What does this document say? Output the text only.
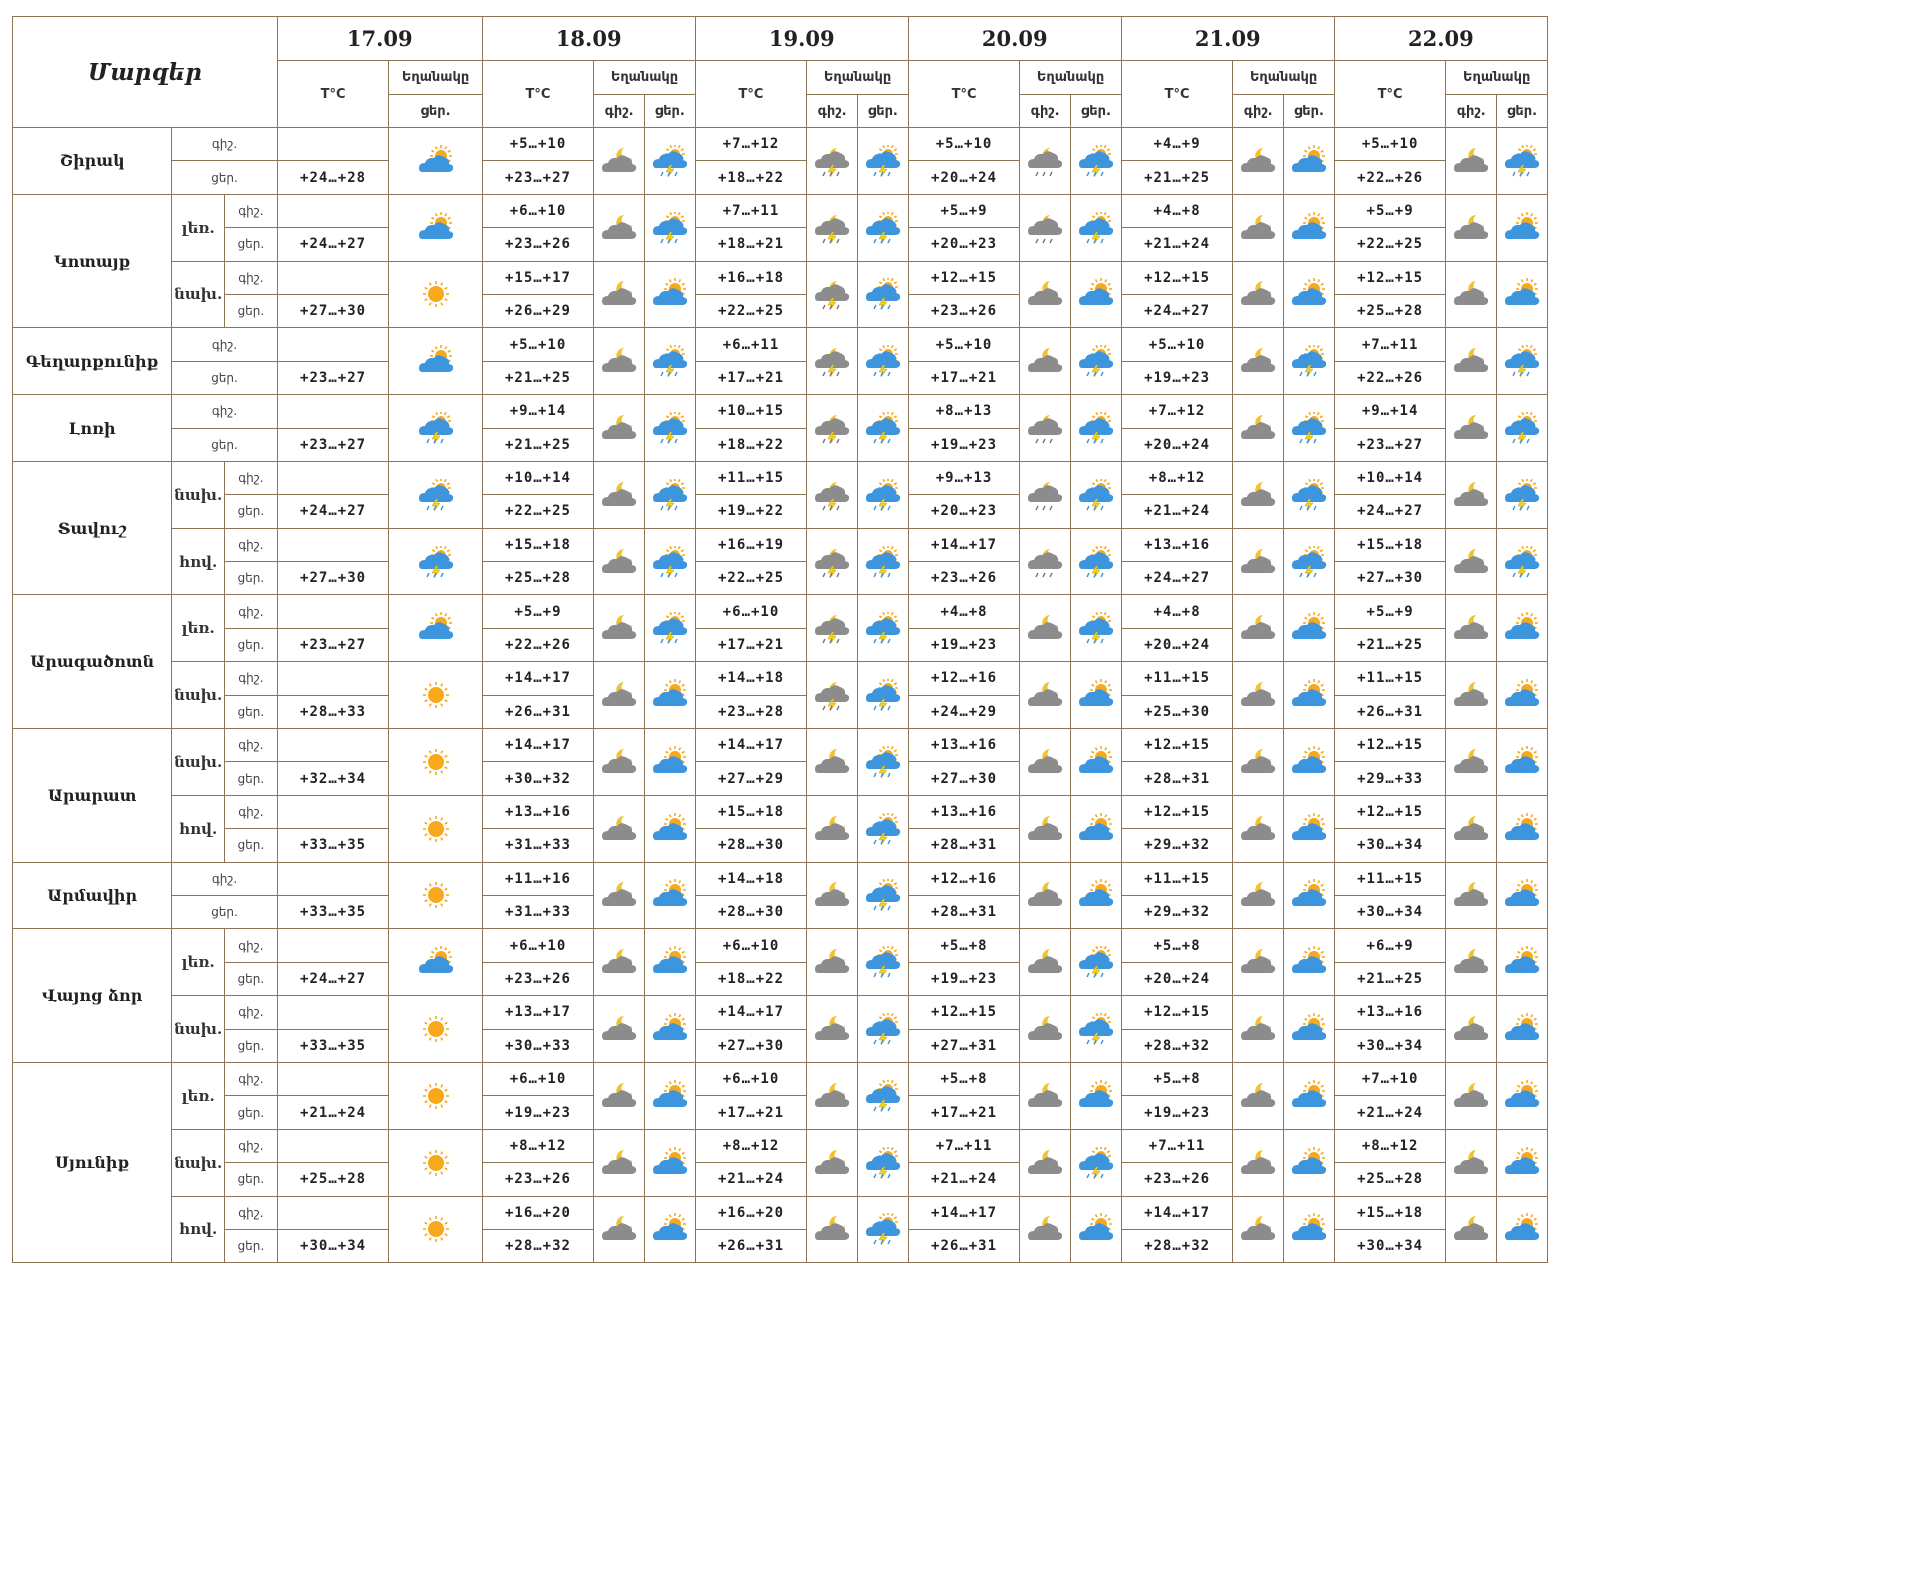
Մարզեր			17.09		18.09			19.09			20.09			21.09			22.09		
			T°C	Եղանակը	T°C	Եղանակը		T°C	Եղանակը		T°C	Եղանակը		T°C	Եղանակը		T°C	Եղանակը	
				ցեր.		գիշ.	ցեր.		գիշ.	ցեր.		գիշ.	ցեր.		գիշ.	ցեր.		գիշ.	ցեր.
Շիրակ	գիշ.				+5…+10			+7…+12			+5…+10			+4…+9			+5…+10		
	ցեր.		+24…+28		+23…+27			+18…+22			+20…+24			+21…+25			+22…+26		
Կոտայք	լեռ.	գիշ.			+6…+10			+7…+11			+5…+9			+4…+8			+5…+9		
		ցեր.	+24…+27		+23…+26			+18…+21			+20…+23			+21…+24			+22…+25		
	նախ.	գիշ.			+15…+17			+16…+18			+12…+15			+12…+15			+12…+15		
		ցեր.	+27…+30		+26…+29			+22…+25			+23…+26			+24…+27			+25…+28		
Գեղարքունիք	գիշ.				+5…+10			+6…+11			+5…+10			+5…+10			+7…+11		
	ցեր.		+23…+27		+21…+25			+17…+21			+17…+21			+19…+23			+22…+26		
Լոռի	գիշ.				+9…+14			+10…+15			+8…+13			+7…+12			+9…+14		
	ցեր.		+23…+27		+21…+25			+18…+22			+19…+23			+20…+24			+23…+27		
Տավուշ	նախ.	գիշ.			+10…+14			+11…+15			+9…+13			+8…+12			+10…+14		
		ցեր.	+24…+27		+22…+25			+19…+22			+20…+23			+21…+24			+24…+27		
	հով.	գիշ.			+15…+18			+16…+19			+14…+17			+13…+16			+15…+18		
		ցեր.	+27…+30		+25…+28			+22…+25			+23…+26			+24…+27			+27…+30		
Արագածոտն	լեռ.	գիշ.			+5…+9			+6…+10			+4…+8			+4…+8			+5…+9		
		ցեր.	+23…+27		+22…+26			+17…+21			+19…+23			+20…+24			+21…+25		
	նախ.	գիշ.			+14…+17			+14…+18			+12…+16			+11…+15			+11…+15		
		ցեր.	+28…+33		+26…+31			+23…+28			+24…+29			+25…+30			+26…+31		
Արարատ	նախ.	գիշ.			+14…+17			+14…+17			+13…+16			+12…+15			+12…+15		
		ցեր.	+32…+34		+30…+32			+27…+29			+27…+30			+28…+31			+29…+33		
	հով.	գիշ.			+13…+16			+15…+18			+13…+16			+12…+15			+12…+15		
		ցեր.	+33…+35		+31…+33			+28…+30			+28…+31			+29…+32			+30…+34		
Արմավիր	գիշ.				+11…+16			+14…+18			+12…+16			+11…+15			+11…+15		
	ցեր.		+33…+35		+31…+33			+28…+30			+28…+31			+29…+32			+30…+34		
Վայոց ձոր	լեռ.	գիշ.			+6…+10			+6…+10			+5…+8			+5…+8			+6…+9		
		ցեր.	+24…+27		+23…+26			+18…+22			+19…+23			+20…+24			+21…+25		
	նախ.	գիշ.			+13…+17			+14…+17			+12…+15			+12…+15			+13…+16		
		ցեր.	+33…+35		+30…+33			+27…+30			+27…+31			+28…+32			+30…+34		
Սյունիք	լեռ.	գիշ.			+6…+10			+6…+10			+5…+8			+5…+8			+7…+10		
		ցեր.	+21…+24		+19…+23			+17…+21			+17…+21			+19…+23			+21…+24		
	նախ.	գիշ.			+8…+12			+8…+12			+7…+11			+7…+11			+8…+12		
		ցեր.	+25…+28		+23…+26			+21…+24			+21…+24			+23…+26			+25…+28		
	հով.	գիշ.			+16…+20			+16…+20			+14…+17			+14…+17			+15…+18		
		ցեր.	+30…+34		+28…+32			+26…+31			+26…+31			+28…+32			+30…+34		
